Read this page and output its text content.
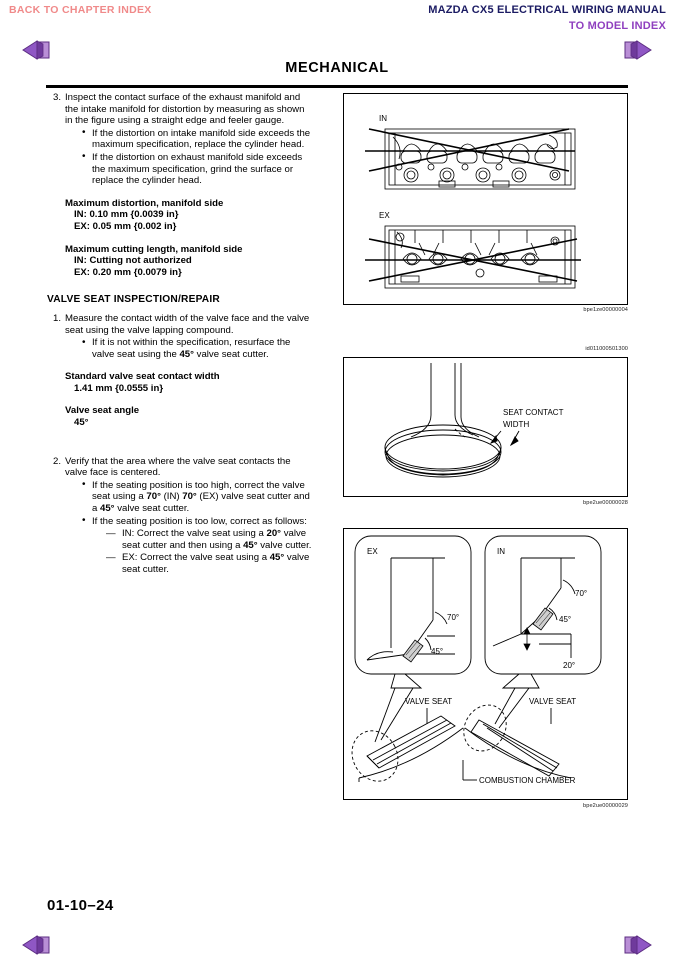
BACK TO CHAPTER INDEX	MAZDA CX5 ELECTRICAL WIRING MANUAL
TO MODEL INDEX
MECHANICAL
3. Inspect the contact surface of the exhaust manifold and the intake manifold for distortion by measuring as shown in the figure using a straight edge and feeler gauge.
• If the distortion on intake manifold side exceeds the maximum specification, replace the cylinder head.
• If the distortion on exhaust manifold side exceeds the maximum specification, grind the surface or replace the cylinder head.
Maximum distortion, manifold side
IN: 0.10 mm {0.0039 in}
EX: 0.05 mm {0.002 in}
Maximum cutting length, manifold side
IN: Cutting not authorized
EX: 0.20 mm {0.0079 in}
VALVE SEAT INSPECTION/REPAIR
1. Measure the contact width of the valve face and the valve seat using the valve lapping compound.
• If it is not within the specification, resurface the valve seat using the 45° valve seat cutter.
Standard valve seat contact width
1.41 mm {0.0555 in}
Valve seat angle
45°
2. Verify that the area where the valve seat contacts the valve face is centered.
• If the seating position is too high, correct the valve seat using a 70° (IN) 70° (EX) valve seat cutter and a 45° valve seat cutter.
• If the seating position is too low, correct as follows:
— IN: Correct the valve seat using a 20° valve seat cutter and then using a 45° valve cutter.
— EX: Correct the valve seat using a 45° valve seat cutter.
IN
EX
bpe1ze00000004
id011000501300
SEAT CONTACT
WIDTH
bpe2ue00000028
EX
70°
45°
IN
70°
45°
20°
VALVE SEAT	VALVE SEAT
COMBUSTION CHAMBER
bpe2ue00000029
01-10–24
